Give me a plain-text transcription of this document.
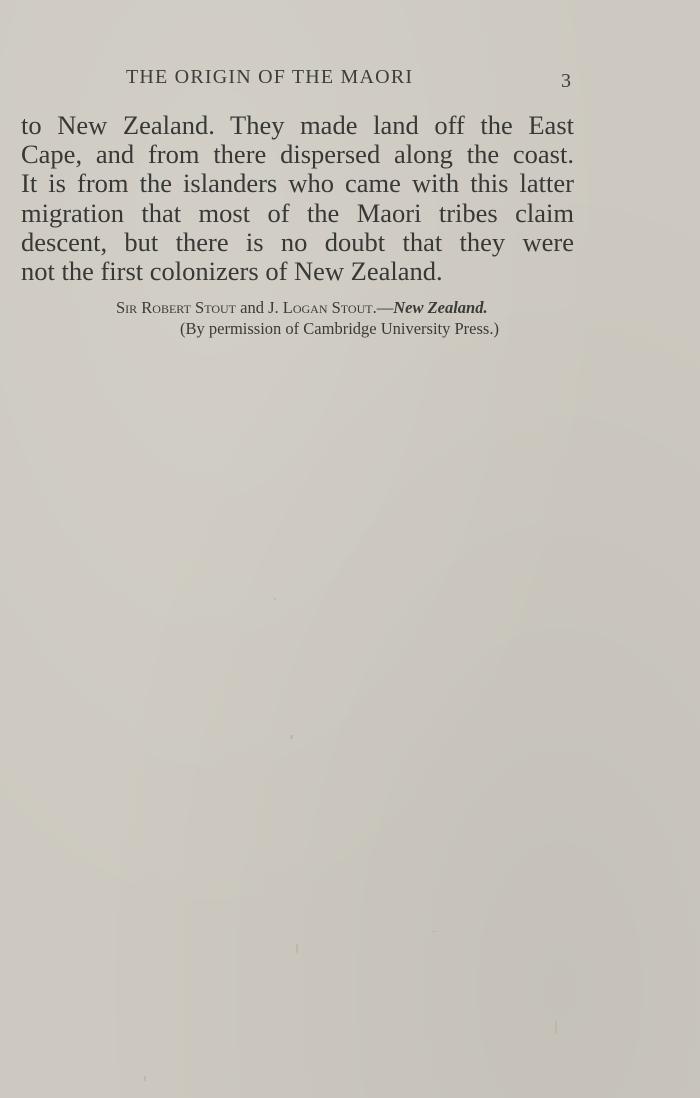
THE ORIGIN OF THE MAORI	3
to New Zealand. They made land off the East
Cape, and from there dispersed along the coast.
It is from the islanders who came with this latter
migration that most of the Maori tribes claim
descent, but there is no doubt that they were
not the first colonizers of New Zealand.
Sir Robert Stout and J. Logan Stout.—New Zealand.
(By permission of Cambridge University Press.)
